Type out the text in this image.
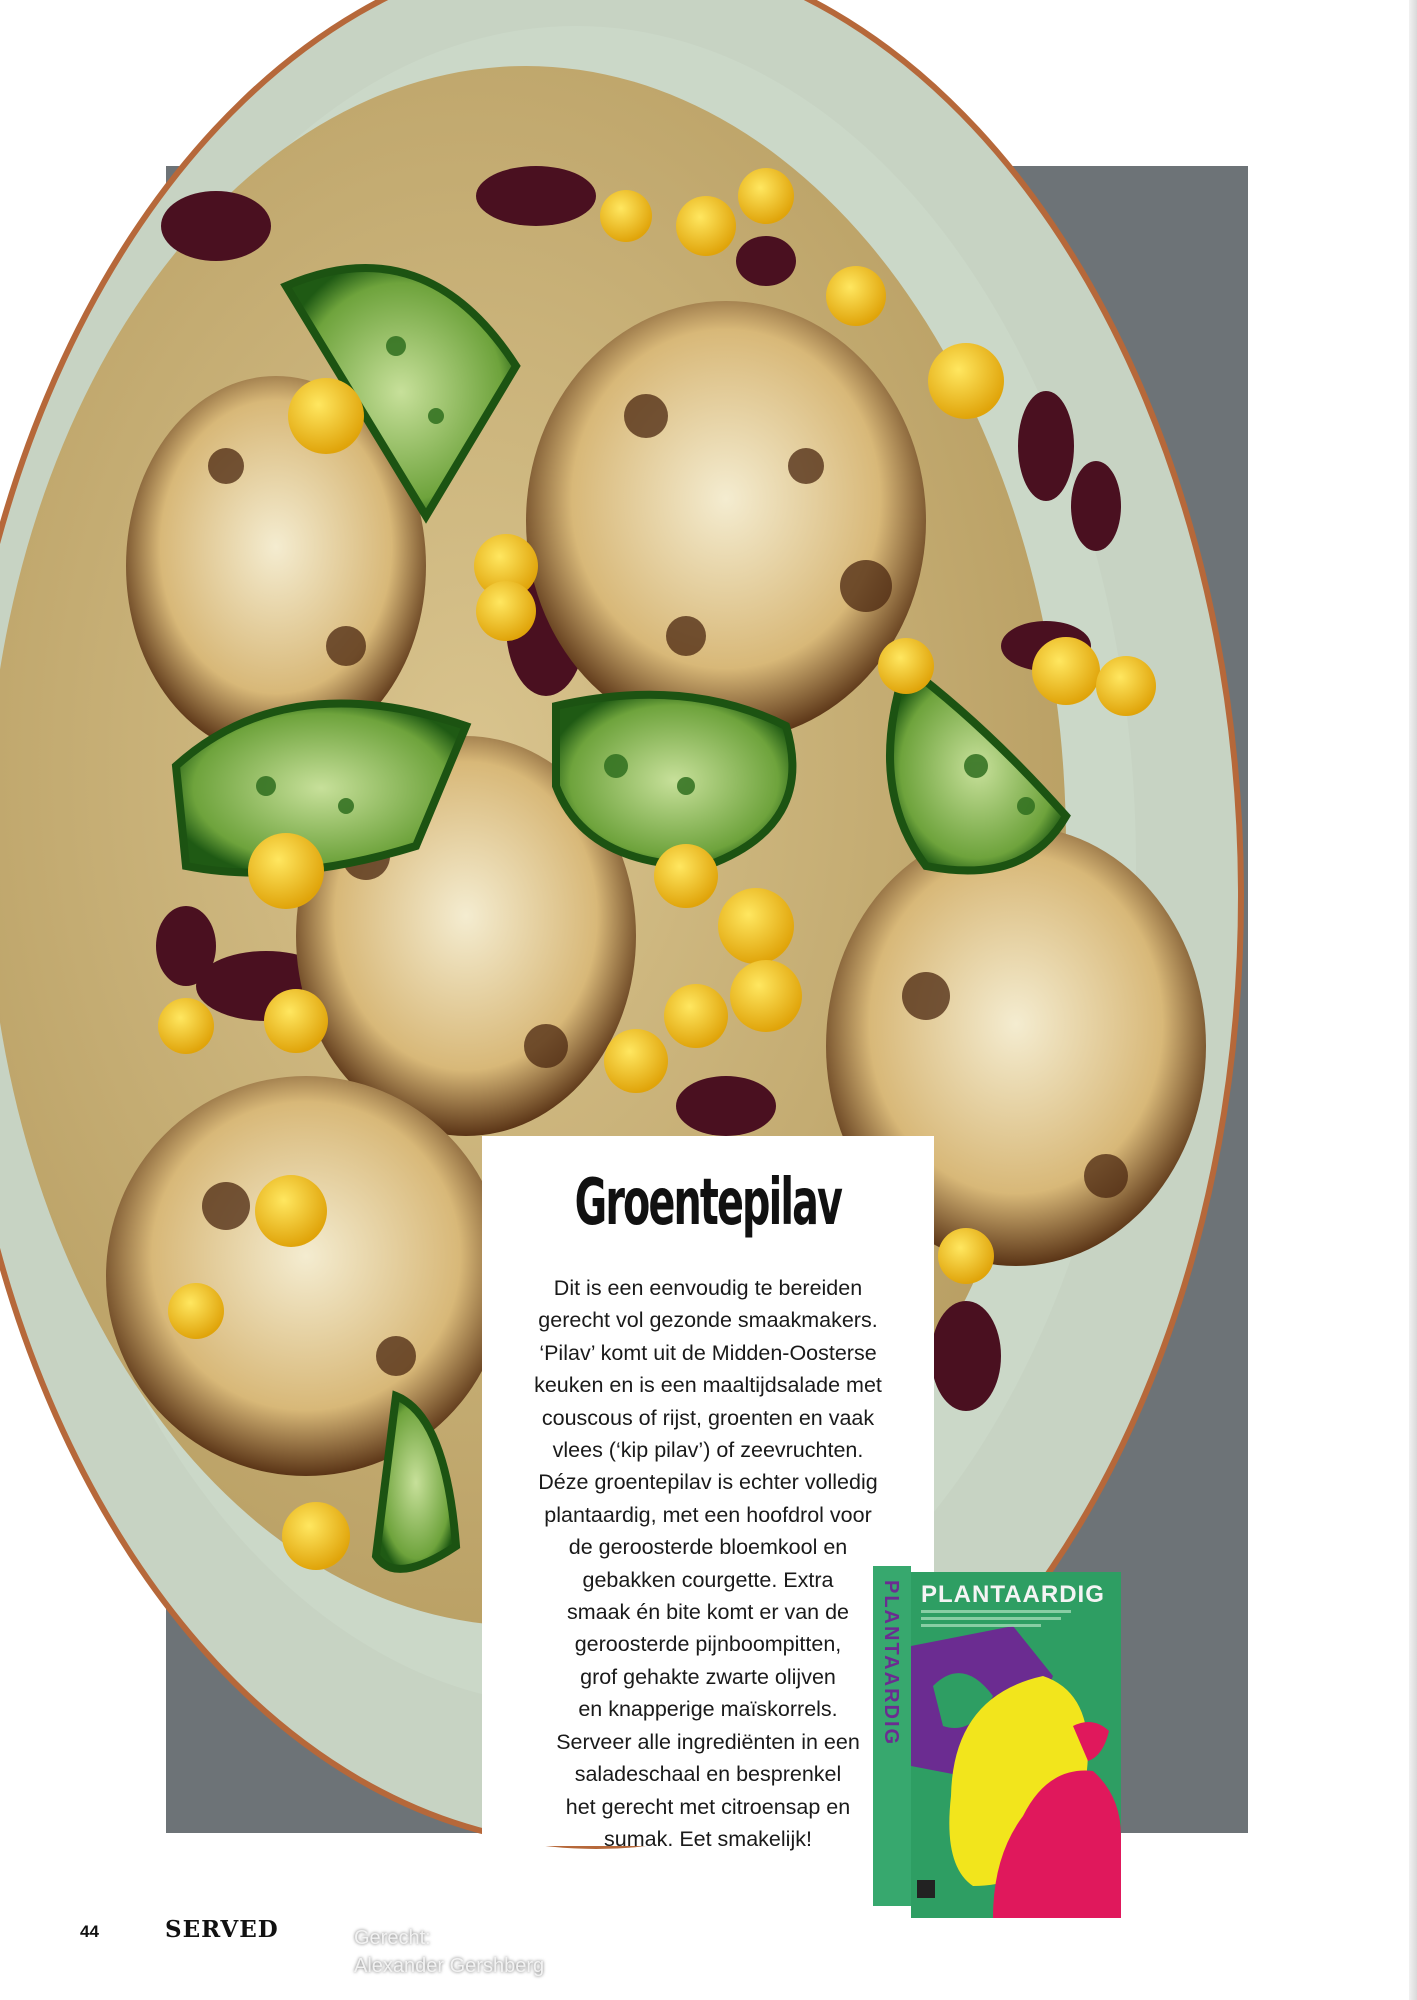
Gerecht:
Alexander Gershberg
Groentepilav
Dit is een eenvoudig te bereiden
gerecht vol gezonde smaakmakers.
‘Pilav’ komt uit de Midden-Oosterse
keuken en is een maaltijdsalade met
couscous of rijst, groenten en vaak
vlees (‘kip pilav’) of zeevruchten.
Déze groentepilav is echter volledig
plantaardig, met een hoofdrol voor
de geroosterde bloemkool en
gebakken courgette. Extra
smaak én bite komt er van de
geroosterde pijnboompitten,
grof gehakte zwarte olijven
en knapperige maïskorrels.
Serveer alle ingrediënten in een
saladeschaal en besprenkel
het gerecht met citroensap en
sumak. Eet smakelijk!
PLANTAARDIG PLANTAARDIG
44	SERVED
